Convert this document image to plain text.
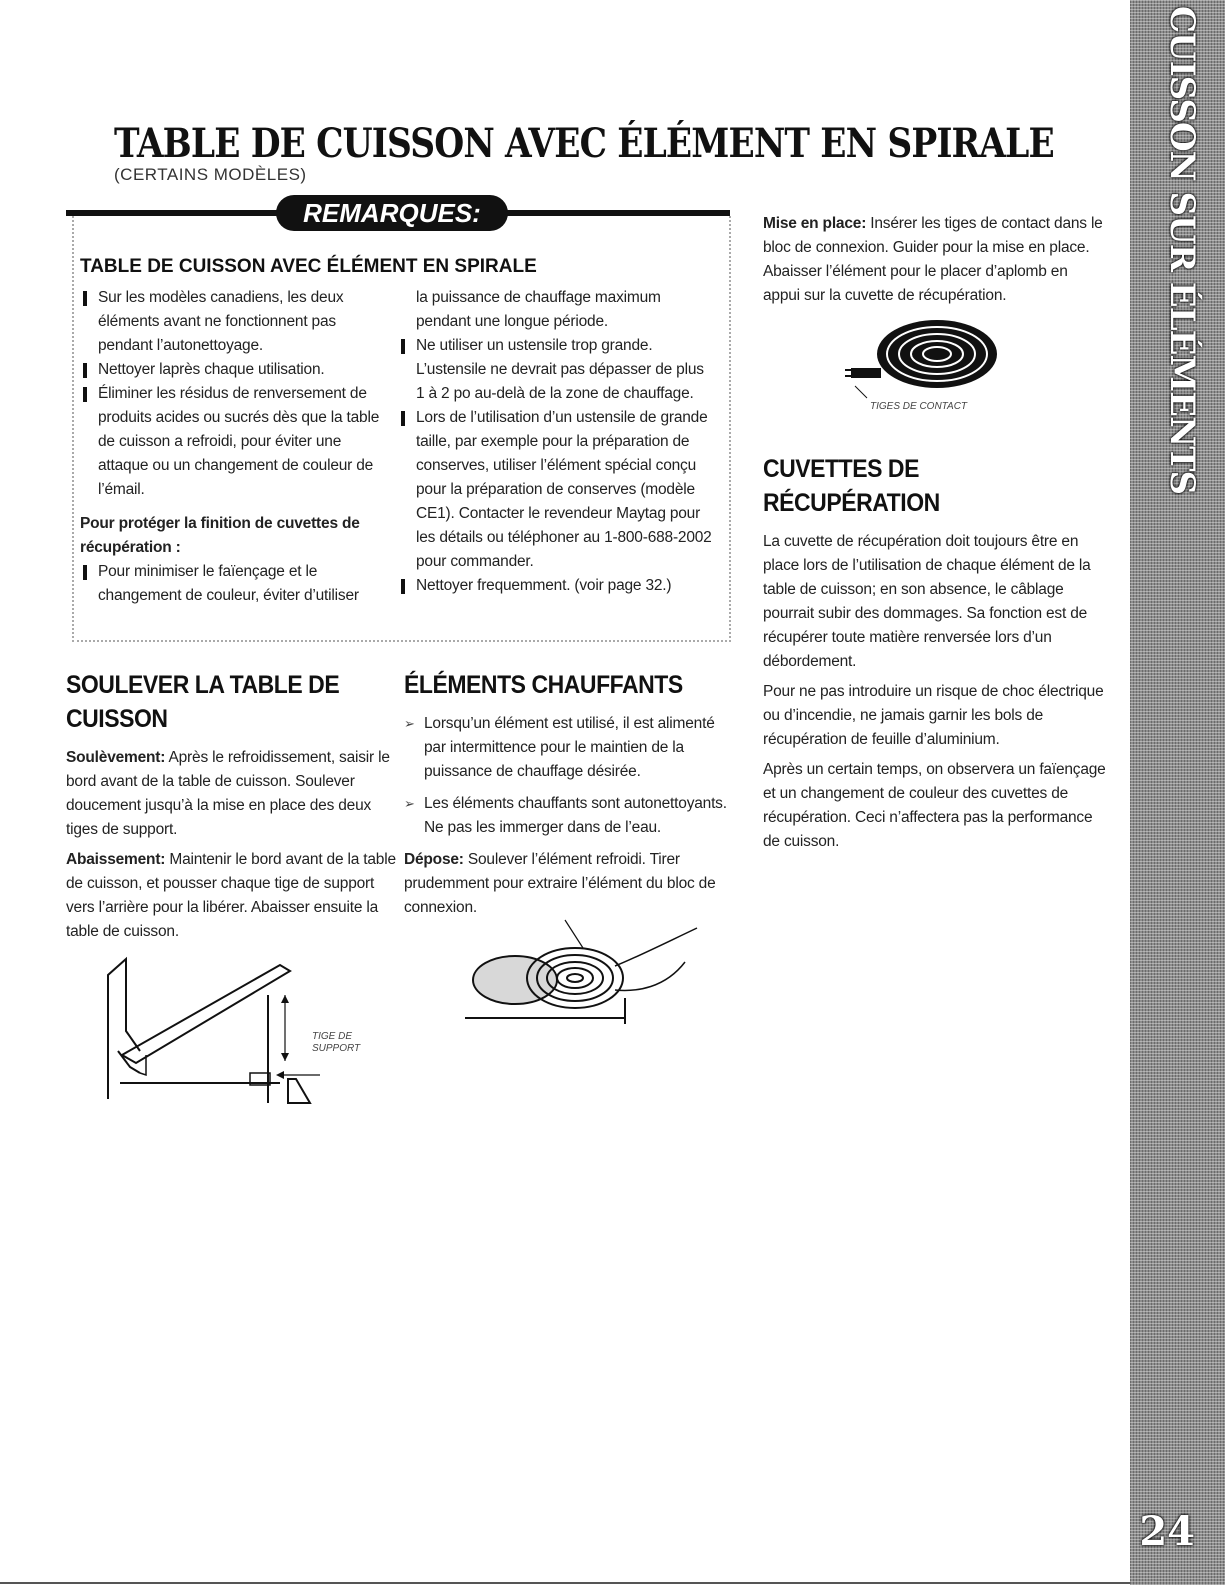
TABLE DE CUISSON AVEC ÉLÉMENT EN SPIRALE
(CERTAINS MODÈLES)
REMARQUES:
TABLE DE CUISSON AVEC ÉLÉMENT EN SPIRALE
Sur les modèles canadiens, les deux éléments avant ne fonctionnent pas pendant l’autonettoyage.
Nettoyer laprès chaque utilisation.
Éliminer les résidus de renversement de produits acides ou sucrés dès que la table de cuisson a refroidi, pour éviter une attaque ou un changement de couleur de l’émail.

Pour protéger la finition de cuvettes de récupération :

Pour minimiser le faïençage et le changement de couleur, éviter d’utiliser

la puissance de chauffage maximum pendant une longue période.

Ne utiliser un ustensile trop grande. L’ustensile ne devrait pas dépasser de plus 1 à 2 po au-delà de la zone de chauffage.
Lors de l’utilisation d’un ustensile de grande taille, par exemple pour la préparation de conserves, utiliser l’élément spécial conçu pour la préparation de conserves (modèle CE1). Contacter le revendeur Maytag pour les détails ou téléphoner au 1-800-688-2002 pour commander.
Nettoyer frequemment. (voir page 32.)
SOULEVER LA TABLE DE
CUISSON

Soulèvement: Après le refroidissement, saisir le bord avant de la table de cuisson. Soulever doucement jusqu’à la mise en place des deux tiges de support.

Abaissement: Maintenir le bord avant de la table de cuisson, et pousser chaque tige de support vers l’arrière pour la libérer. Abaisser ensuite la table de cuisson.

TIGE DE
SUPPORT
ÉLÉMENTS CHAUFFANTS
➢ Lorsqu’un élément est utilisé, il est alimenté par intermittence pour le maintien de la puissance de chauffage désirée.
➢ Les éléments chauffants sont autonettoyants. Ne pas les immerger dans de l’eau.

Dépose: Soulever l’élément refroidi. Tirer prudemment pour extraire l’élément du bloc de connexion.

Mise en place: Insérer les tiges de contact dans le bloc de connexion. Guider pour la mise en place. Abaisser l’élément pour le placer d’aplomb en appui sur la cuvette de récupération.
TIGES DE CONTACT
CUVETTES DE RÉCUPÉRATION

La cuvette de récupération doit toujours être en place lors de l’utilisation de chaque élément de la table de cuisson; en son absence, le câblage pourrait subir des dommages. Sa fonction est de récupérer toute matière renversée lors d’un débordement.

Pour ne pas introduire un risque de choc électrique ou d’incendie, ne jamais garnir les bols de récupération de feuille d’aluminium.

Après un certain temps, on observera un faïençage et un changement de couleur des cuvettes de récupération. Ceci n’affectera pas la performance de cuisson.

CUISSON SUR ÉLÉMENTS
24
